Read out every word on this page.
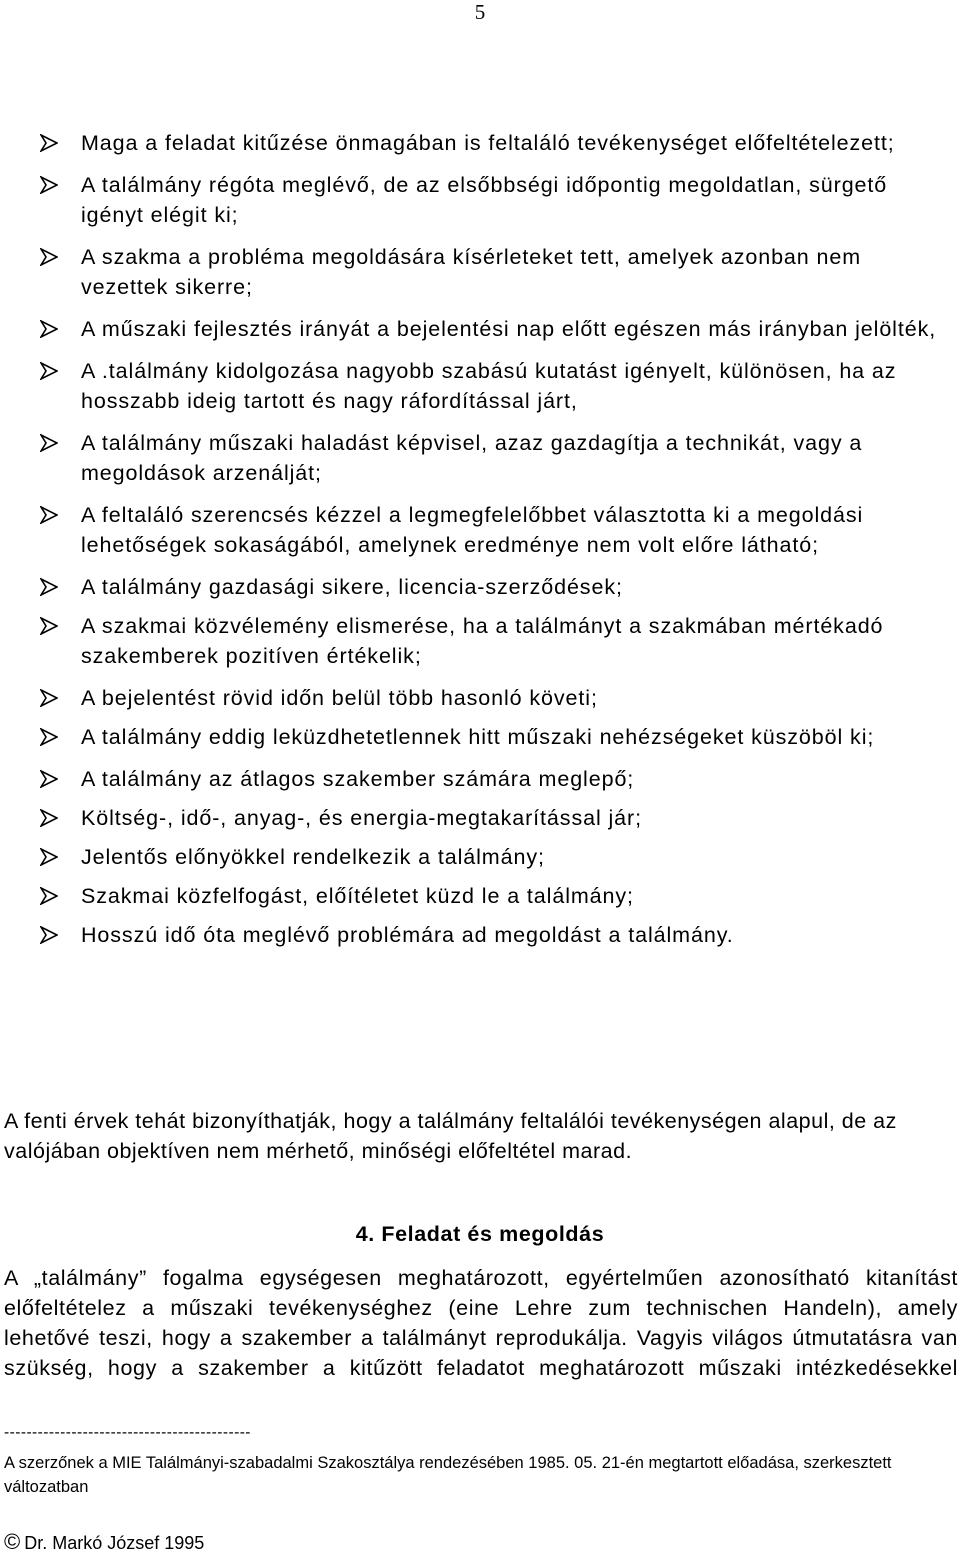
5
Maga a feladat kitűzése önmagában is feltaláló tevékenységet előfeltételezett;
A találmány régóta meglévő, de az elsőbbségi időpontig megoldatlan, sürgető igényt elégit ki;
A szakma a probléma megoldására kísérleteket tett, amelyek azonban nem vezettek sikerre;
A műszaki fejlesztés irányát a bejelentési nap előtt egészen más irányban jelölték,
A .találmány kidolgozása nagyobb szabású kutatást igényelt, különösen, ha az hosszabb ideig tartott és nagy ráfordítással járt,
A találmány műszaki haladást képvisel, azaz gazdagítja a technikát, vagy a megoldások arzenálját;
A feltaláló szerencsés kézzel a legmegfelelőbbet választotta ki a megoldási lehetőségek sokaságából, amelynek eredménye nem volt előre látható;
A találmány gazdasági sikere, licencia-szerződések;
A szakmai közvélemény elismerése, ha a találmányt a szakmában mértékadó szakemberek pozitíven értékelik;
A bejelentést rövid időn belül több hasonló követi;
A találmány eddig leküzdhetetlennek hitt műszaki nehézségeket küszöböl ki;
A találmány az átlagos szakember számára meglepő;
Költség-, idő-, anyag-, és energia-megtakarítással jár;
Jelentős előnyökkel rendelkezik a találmány;
Szakmai közfelfogást, előítéletet küzd le a találmány;
Hosszú idő óta meglévő problémára ad megoldást a találmány.

A fenti érvek tehát bizonyíthatják, hogy a találmány feltalálói tevékenységen alapul, de az valójában objektíven nem mérhető, minőségi előfeltétel marad.

4. Feladat és megoldás

A „találmány” fogalma egységesen meghatározott, egyértelműen azonosítható kitanítást előfeltételez a műszaki tevékenységhez (eine Lehre zum technischen Handeln), amely lehetővé teszi, hogy a szakember a találmányt reprodukálja. Vagyis világos útmutatásra van szükség, hogy a szakember a kitűzött feladatot meghatározott műszaki intézkedésekkel

--------------------------------------------

A szerzőnek a MIE Találmányi-szabadalmi Szakosztálya rendezésében 1985. 05. 21-én megtartott előadása, szerkesztett változatban

© Dr. Markó József 1995
